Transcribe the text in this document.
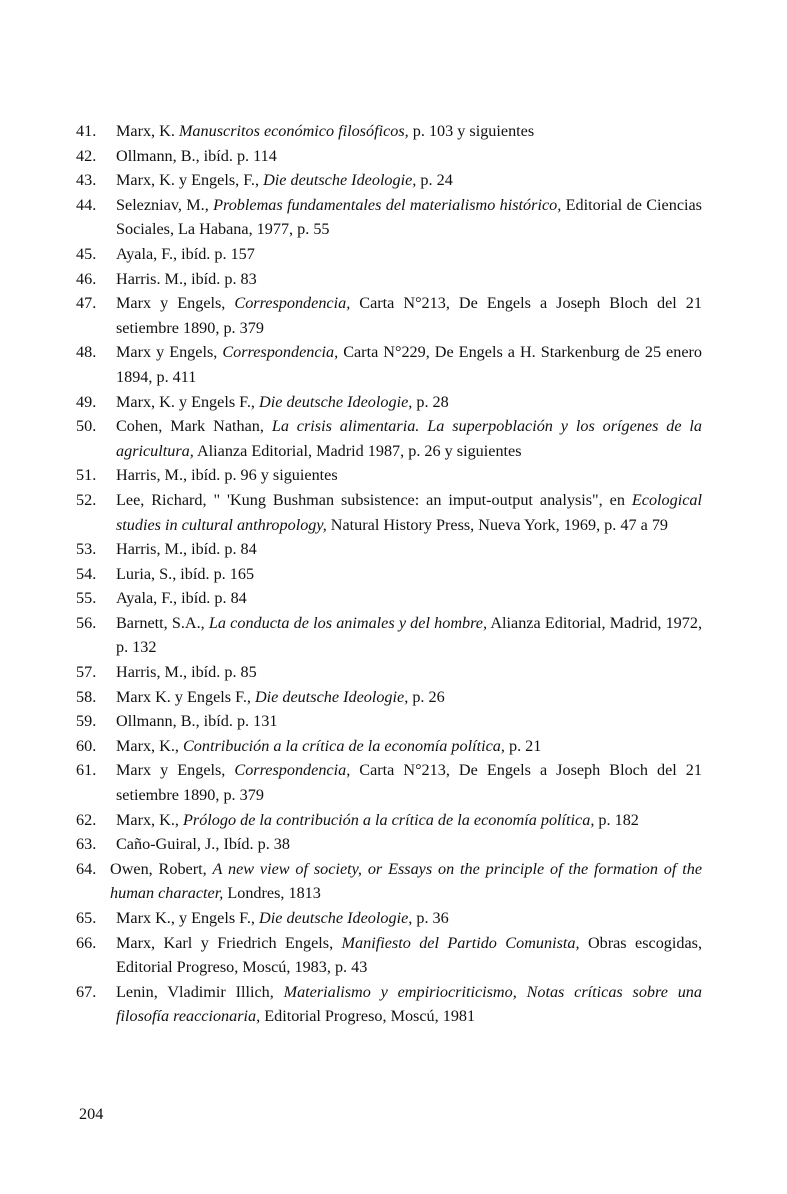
41.	Marx, K. Manuscritos económico filosóficos, p. 103 y siguientes
42.	Ollmann, B., ibíd. p. 114
43.	Marx, K. y Engels, F., Die deutsche Ideologie, p. 24
44.	Selezniav, M., Problemas fundamentales del materialismo histórico, Editorial de Ciencias Sociales, La Habana, 1977, p. 55
45.	Ayala, F., ibíd. p. 157
46.	Harris. M., ibíd. p. 83
47.	Marx y Engels, Correspondencia, Carta N°213, De Engels a Joseph Bloch del 21 setiembre 1890, p. 379
48.	Marx y Engels, Correspondencia, Carta N°229, De Engels a H. Starkenburg de 25 enero 1894, p. 411
49.	Marx, K. y Engels F., Die deutsche Ideologie, p. 28
50.	Cohen, Mark Nathan, La crisis alimentaria. La superpoblación y los orígenes de la agricultura, Alianza Editorial, Madrid 1987, p. 26 y siguientes
51.	Harris, M., ibíd. p. 96 y siguientes
52.	Lee, Richard, " 'Kung Bushman subsistence: an imput-output analysis", en Ecological studies in cultural anthropology, Natural History Press, Nueva York, 1969, p. 47 a 79
53.	Harris, M., ibíd. p. 84
54.	Luria, S., ibíd. p. 165
55.	Ayala, F., ibíd. p. 84
56.	Barnett, S.A., La conducta de los animales y del hombre, Alianza Editorial, Madrid, 1972, p. 132
57.	Harris, M., ibíd. p. 85
58.	Marx K. y Engels F., Die deutsche Ideologie, p. 26
59.	Ollmann, B., ibíd. p. 131
60.	Marx, K., Contribución a la crítica de la economía política, p. 21
61.	Marx y Engels, Correspondencia, Carta N°213, De Engels a Joseph Bloch del 21 setiembre 1890, p. 379
62.	Marx, K., Prólogo de la contribución a la crítica de la economía política, p. 182
63.	Caño-Guiral, J., Ibíd. p. 38
64. Owen, Robert, A new view of society, or Essays on the principle of the formation of the human character, Londres, 1813
65.	Marx K., y Engels F., Die deutsche Ideologie, p. 36
66.	Marx, Karl y Friedrich Engels, Manifiesto del Partido Comunista, Obras escogidas, Editorial Progreso, Moscú, 1983, p. 43
67.	Lenin, Vladimir Illich, Materialismo y empiriocriticismo, Notas críticas sobre una filosofía reaccionaria, Editorial Progreso, Moscú, 1981
204
